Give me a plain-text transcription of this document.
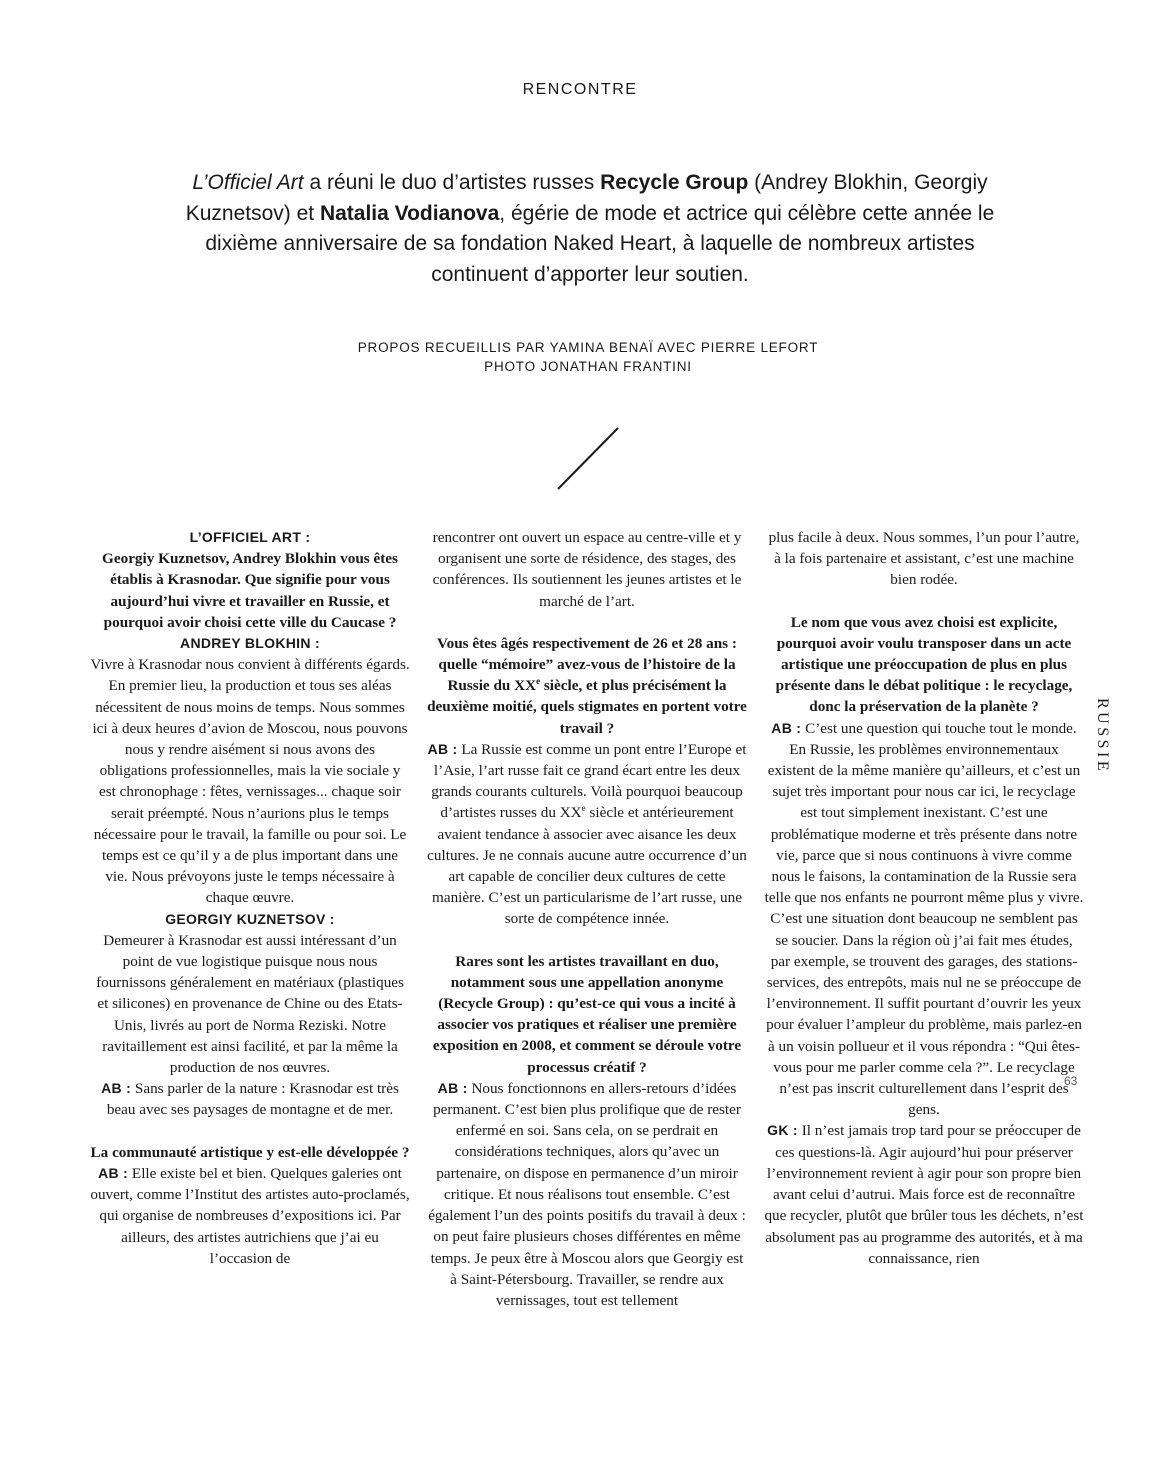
RENCONTRE

L’Officiel Art a réuni le duo d’artistes russes Recycle Group (Andrey Blokhin, Georgiy Kuznetsov) et Natalia Vodianova, égérie de mode et actrice qui célèbre cette année le dixième anniversaire de sa fondation Naked Heart, à laquelle de nombreux artistes continuent d’apporter leur soutien.

PROPOS RECUEILLIS PAR YAMINA BENAÏ AVEC PIERRE LEFORT
PHOTO JONATHAN FRANTINI
RUSSIE

L’OFFICIEL ART :

Georgiy Kuznetsov, Andrey Blokhin vous êtes établis à Krasnodar. Que signifie pour vous aujourd’hui vivre et travailler en Russie, et pourquoi avoir choisi cette ville du Caucase ?

ANDREY BLOKHIN :

Vivre à Krasnodar nous convient à différents égards. En premier lieu, la production et tous ses aléas nécessitent de nous moins de temps. Nous sommes ici à deux heures d’avion de Moscou, nous pouvons nous y rendre aisément si nous avons des obligations professionnelles, mais la vie sociale y est chronophage : fêtes, vernissages... chaque soir serait préempté. Nous n’aurions plus le temps nécessaire pour le travail, la famille ou pour soi. Le temps est ce qu’il y a de plus important dans une vie. Nous prévoyons juste le temps nécessaire à chaque œuvre.

GEORGIY KUZNETSOV :

Demeurer à Krasnodar est aussi intéressant d’un point de vue logistique puisque nous nous fournissons généralement en matériaux (plastiques et silicones) en provenance de Chine ou des Etats-Unis, livrés au port de Norma Reziski. Notre ravitaillement est ainsi facilité, et par la même la production de nos œuvres.

AB : Sans parler de la nature : Krasnodar est très beau avec ses paysages de montagne et de mer.

La communauté artistique y est-elle développée ?

AB : Elle existe bel et bien. Quelques galeries ont ouvert, comme l’Institut des artistes auto-proclamés, qui organise de nombreuses d’expositions ici. Par ailleurs, des artistes autrichiens que j’ai eu l’occasion de

rencontrer ont ouvert un espace au centre-ville et y organisent une sorte de résidence, des stages, des conférences. Ils soutiennent les jeunes artistes et le marché de l’art.

Vous êtes âgés respectivement de 26 et 28 ans : quelle “mémoire” avez-vous de l’histoire de la Russie du XXe siècle, et plus précisément la deuxième moitié, quels stigmates en portent votre travail ?

AB : La Russie est comme un pont entre l’Europe et l’Asie, l’art russe fait ce grand écart entre les deux grands courants culturels. Voilà pourquoi beaucoup d’artistes russes du XXe siècle et antérieurement avaient tendance à associer avec aisance les deux cultures. Je ne connais aucune autre occurrence d’un art capable de concilier deux cultures de cette manière. C’est un particularisme de l’art russe, une sorte de compétence innée.

Rares sont les artistes travaillant en duo, notamment sous une appellation anonyme (Recycle Group) : qu’est-ce qui vous a incité à associer vos pratiques et réaliser une première exposition en 2008, et comment se déroule votre processus créatif ?

AB : Nous fonctionnons en allers-retours d’idées permanent. C’est bien plus prolifique que de rester enfermé en soi. Sans cela, on se perdrait en considérations techniques, alors qu’avec un partenaire, on dispose en permanence d’un miroir critique. Et nous réalisons tout ensemble. C’est également l’un des points positifs du travail à deux : on peut faire plusieurs choses différentes en même temps. Je peux être à Moscou alors que Georgiy est à Saint-Pétersbourg. Travailler, se rendre aux vernissages, tout est tellement

plus facile à deux. Nous sommes, l’un pour l’autre, à la fois partenaire et assistant, c’est une machine bien rodée.

Le nom que vous avez choisi est explicite, pourquoi avoir voulu transposer dans un acte artistique une préoccupation de plus en plus présente dans le débat politique : le recyclage, donc la préservation de la planète ?

AB : C’est une question qui touche tout le monde. En Russie, les problèmes environnementaux existent de la même manière qu’ailleurs, et c’est un sujet très important pour nous car ici, le recyclage est tout simplement inexistant. C’est une problématique moderne et très présente dans notre vie, parce que si nous continuons à vivre comme nous le faisons, la contamination de la Russie sera telle que nos enfants ne pourront même plus y vivre. C’est une situation dont beaucoup ne semblent pas se soucier. Dans la région où j’ai fait mes études, par exemple, se trouvent des garages, des stations-services, des entrepôts, mais nul ne se préoccupe de l’environnement. Il suffit pourtant d’ouvrir les yeux pour évaluer l’ampleur du problème, mais parlez-en à un voisin pollueur et il vous répondra : “Qui êtes-vous pour me parler comme cela ?”. Le recyclage n’est pas inscrit culturellement dans l’esprit des gens.

GK : Il n’est jamais trop tard pour se préoccuper de ces questions-là. Agir aujourd’hui pour préserver l’environnement revient à agir pour son propre bien avant celui d’autrui. Mais force est de reconnaître que recycler, plutôt que brûler tous les déchets, n’est absolument pas au programme des autorités, et à ma connaissance, rien

63
